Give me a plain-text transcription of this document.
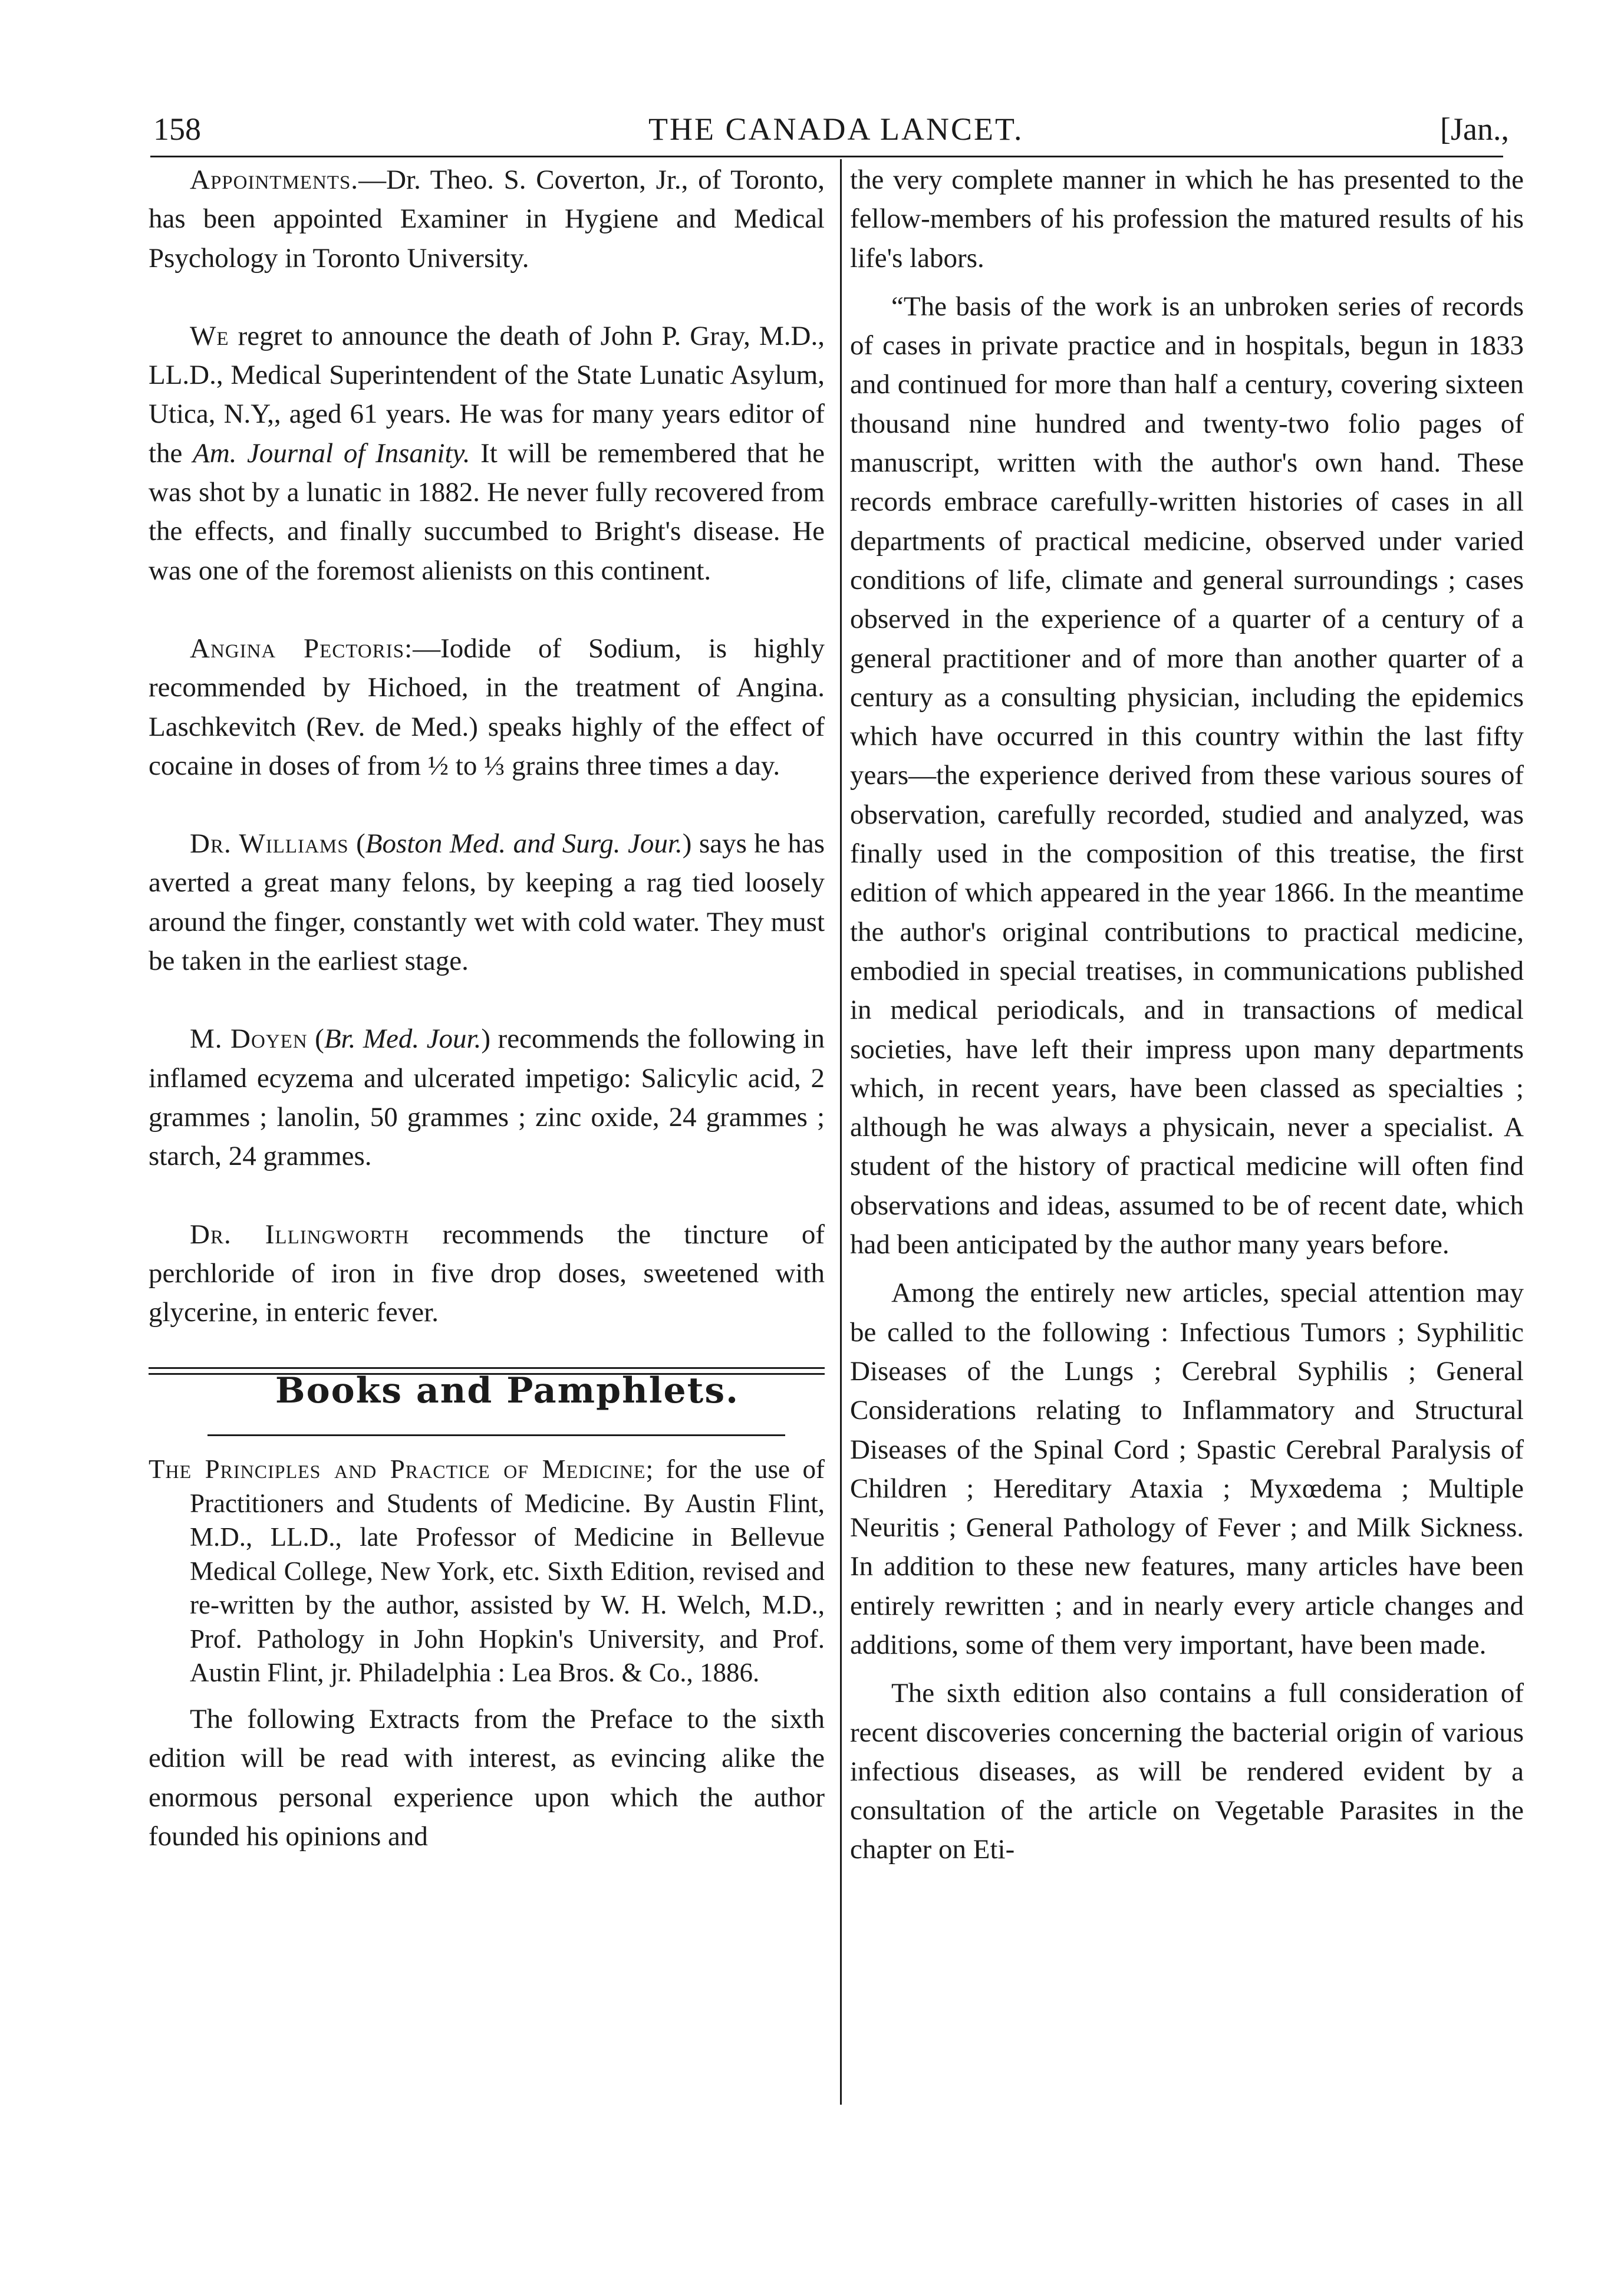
158	THE CANADA LANCET.	[Jan.,

Appointments.—Dr. Theo. S. Coverton, Jr., of Toronto, has been appointed Examiner in Hygiene and Medical Psychology in Toronto University.

We regret to announce the death of John P. Gray, M.D., LL.D., Medical Superintendent of the State Lunatic Asylum, Utica, N.Y,, aged 61 years. He was for many years editor of the Am. Journal of Insanity. It will be remembered that he was shot by a lunatic in 1882. He never fully recovered from the effects, and finally succumbed to Bright's disease. He was one of the foremost alienists on this continent.

Angina Pectoris:—Iodide of Sodium, is highly recommended by Hichoed, in the treatment of Angina. Laschkevitch (Rev. de Med.) speaks highly of the effect of cocaine in doses of from ½ to ⅓ grains three times a day.

Dr. Williams (Boston Med. and Surg. Jour.) says he has averted a great many felons, by keeping a rag tied loosely around the finger, constantly wet with cold water. They must be taken in the earliest stage.

M. Doyen (Br. Med. Jour.) recommends the following in inflamed ecyzema and ulcerated impetigo: Salicylic acid, 2 grammes ; lanolin, 50 grammes ; zinc oxide, 24 grammes ; starch, 24 grammes.

Dr. Illingworth recommends the tincture of perchloride of iron in five drop doses, sweetened with glycerine, in enteric fever.

Books and Pamphlets.

The Principles and Practice of Medicine; for the use of Practitioners and Students of Medicine. By Austin Flint, M.D., LL.D., late Professor of Medicine in Bellevue Medical College, New York, etc. Sixth Edition, revised and re-written by the author, assisted by W. H. Welch, M.D., Prof. Pathology in John Hopkin's University, and Prof. Austin Flint, jr. Philadelphia : Lea Bros. & Co., 1886.

The following Extracts from the Preface to the sixth edition will be read with interest, as evincing alike the enormous personal experience upon which the author founded his opinions and

the very complete manner in which he has presented to the fellow-members of his profession the matured results of his life's labors.

“The basis of the work is an unbroken series of records of cases in private practice and in hospitals, begun in 1833 and continued for more than half a century, covering sixteen thousand nine hundred and twenty-two folio pages of manuscript, written with the author's own hand. These records embrace carefully-written histories of cases in all departments of practical medicine, observed under varied conditions of life, climate and general surroundings ; cases observed in the experience of a quarter of a century of a general practitioner and of more than another quarter of a century as a consulting physician, including the epidemics which have occurred in this country within the last fifty years—the experience derived from these various soures of observation, carefully recorded, studied and analyzed, was finally used in the composition of this treatise, the first edition of which appeared in the year 1866. In the meantime the author's original contributions to practical medicine, embodied in special treatises, in communications published in medical periodicals, and in transactions of medical societies, have left their impress upon many departments which, in recent years, have been classed as specialties ; although he was always a physicain, never a specialist. A student of the history of practical medicine will often find observations and ideas, assumed to be of recent date, which had been anticipated by the author many years before.

Among the entirely new articles, special attention may be called to the following : Infectious Tumors ; Syphilitic Diseases of the Lungs ; Cerebral Syphilis ; General Considerations relating to Inflammatory and Structural Diseases of the Spinal Cord ; Spastic Cerebral Paralysis of Children ; Hereditary Ataxia ; Myxœdema ; Multiple Neuritis ; General Pathology of Fever ; and Milk Sickness. In addition to these new features, many articles have been entirely rewritten ; and in nearly every article changes and additions, some of them very important, have been made.

The sixth edition also contains a full consideration of recent discoveries concerning the bacterial origin of various infectious diseases, as will be rendered evident by a consultation of the article on Vegetable Parasites in the chapter on Eti-
